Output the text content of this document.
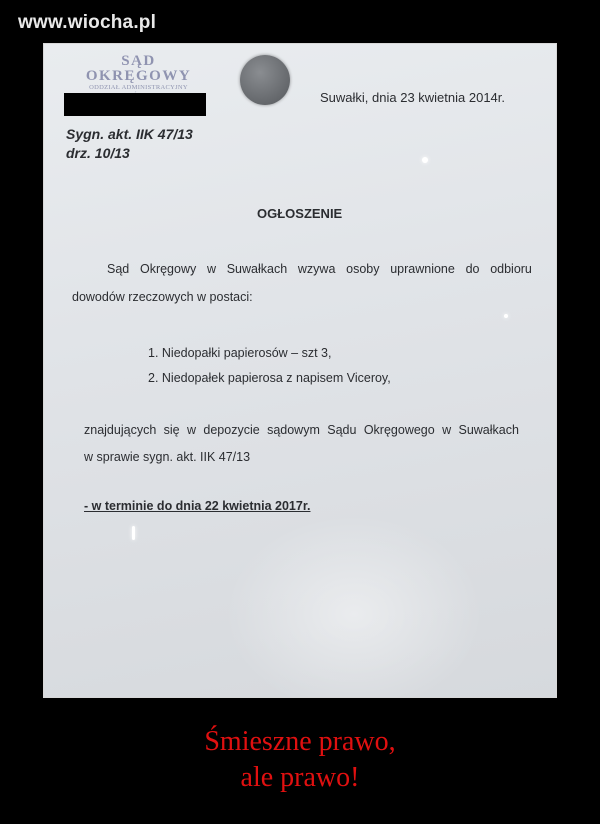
www.wiocha.pl
SĄD OKRĘGOWY
ODDZIAŁ ADMINISTRACYJNY
Suwałki, dnia 23 kwietnia 2014r.
Sygn. akt. IIK 47/13
drz. 10/13
OGŁOSZENIE
Sąd Okręgowy w Suwałkach wzywa osoby uprawnione do odbioru
dowodów rzeczowych w postaci:
1. Niedopałki papierosów – szt 3,
2. Niedopałek papierosa z napisem Viceroy,
znajdujących się w depozycie sądowym Sądu Okręgowego w Suwałkach
w sprawie sygn. akt. IIK 47/13
- w terminie do dnia 22 kwietnia 2017r.
Śmieszne prawo,
ale prawo!
